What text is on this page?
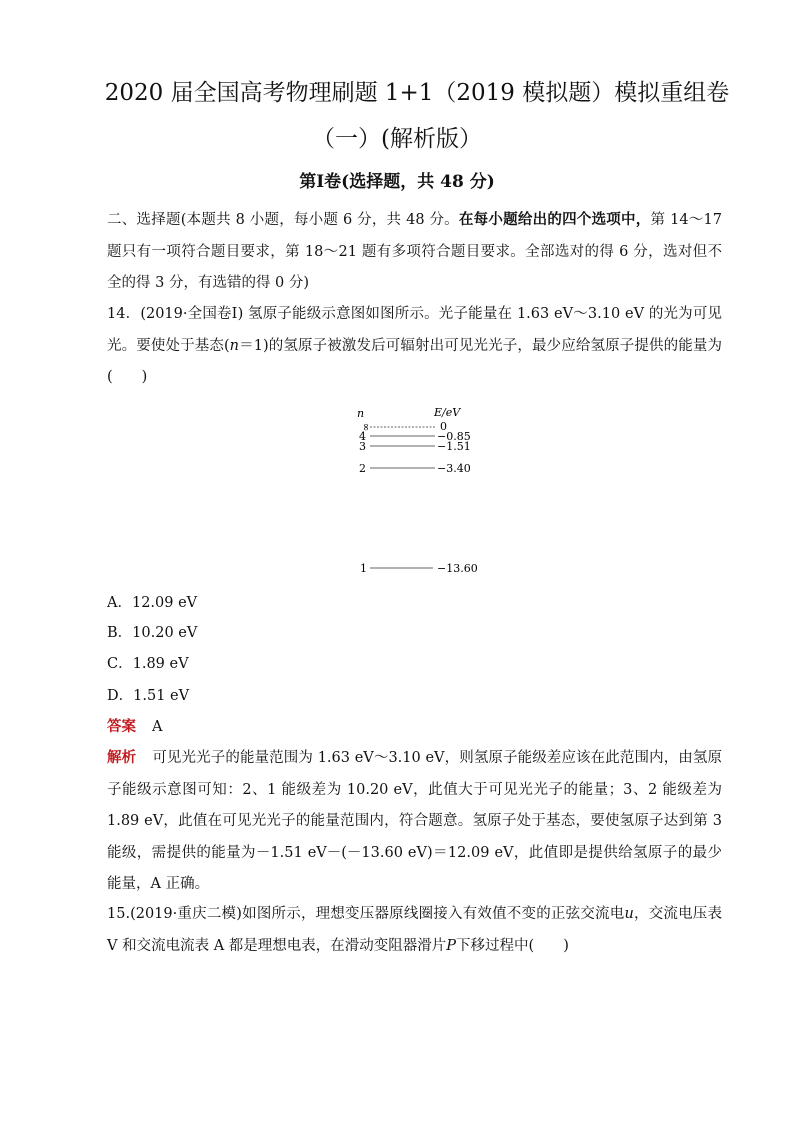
2020 届全国高考物理刷题 1+1（2019 模拟题）模拟重组卷
（一）(解析版）
第Ⅰ卷(选择题，共 48 分)

二、选择题(本题共 8 小题，每小题 6 分，共 48 分。在每小题给出的四个选项中，第 14～17 题只有一项符合题目要求，第 18～21 题有多项符合题目要求。全部选对的得 6 分，选对但不全的得 3 分，有选错的得 0 分)

14．(2019·全国卷Ⅰ) 氢原子能级示意图如图所示。光子能量在 1.63 eV～3.10 eV 的光为可见光。要使处于基态(n＝1)的氢原子被激发后可辐射出可见光光子，最少应给氢原子提供的能量为(　　)

n	E/eV
∞	0
4	−0.85
3	−1.51
2	−3.40
1	−13.60
A．12.09 eV
B．10.20 eV
C．1.89 eV
D．1.51 eV
答案 A

解析 可见光光子的能量范围为 1.63 eV～3.10 eV，则氢原子能级差应该在此范围内，由氢原子能级示意图可知：2、1 能级差为 10.20 eV，此值大于可见光光子的能量；3、2 能级差为 1.89 eV，此值在可见光光子的能量范围内，符合题意。氢原子处于基态，要使氢原子达到第 3 能级，需提供的能量为－1.51 eV－(－13.60 eV)＝12.09 eV，此值即是提供给氢原子的最少能量，A 正确。

15.(2019·重庆二模)如图所示，理想变压器原线圈接入有效值不变的正弦交流电u，交流电压表 V 和交流电流表 A 都是理想电表，在滑动变阻器滑片P下移过程中(　　)
